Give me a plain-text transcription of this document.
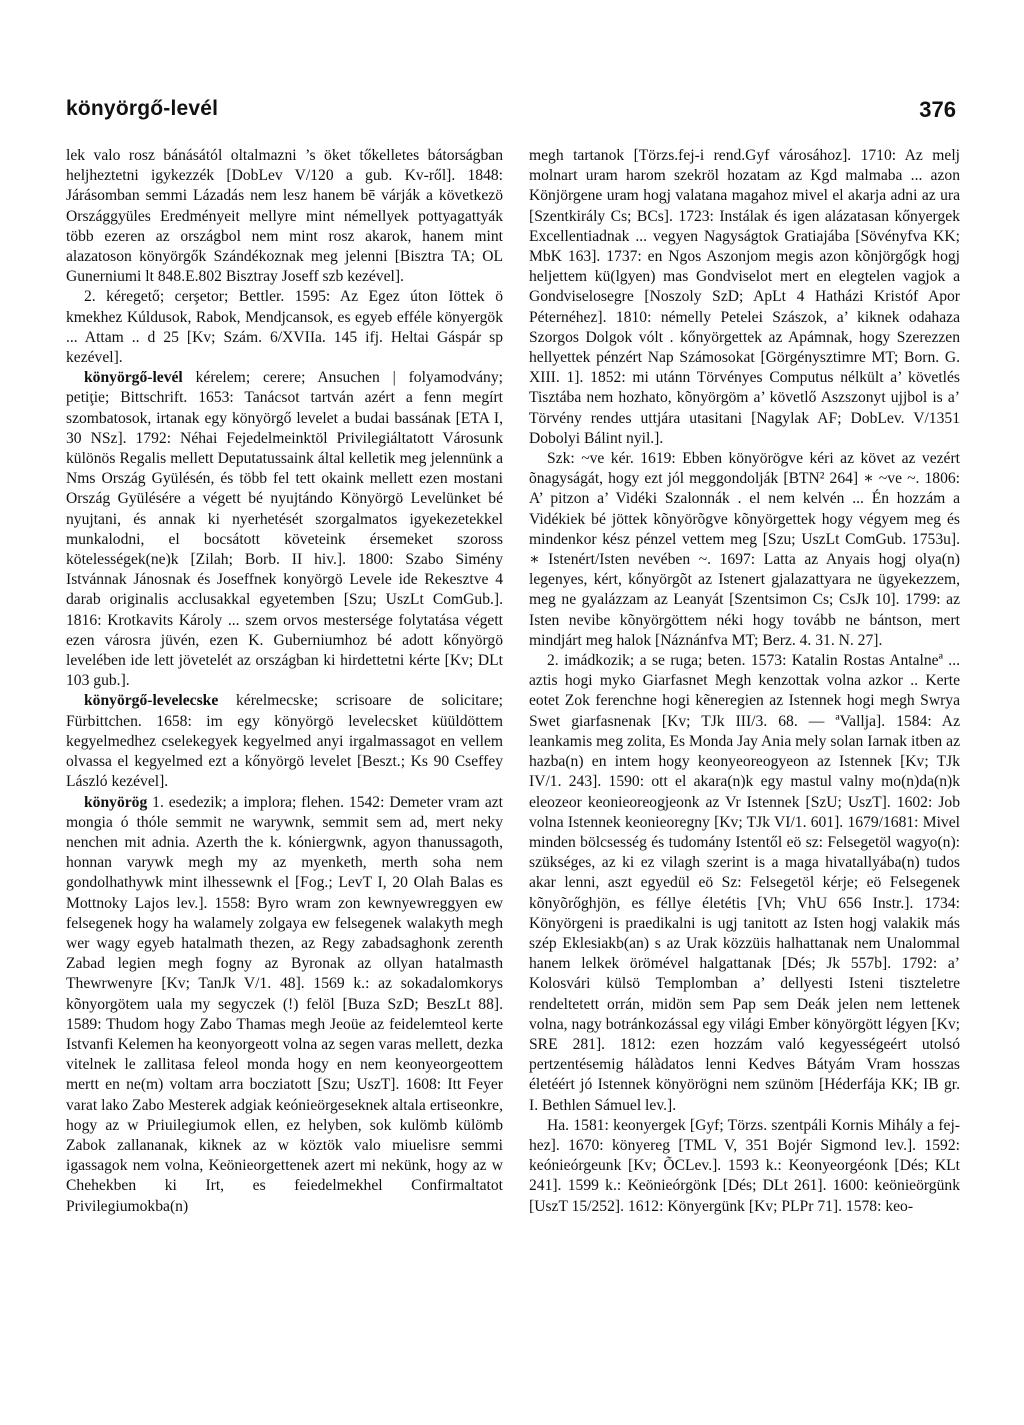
könyörgő-levél	376

lek valo rosz bánásától oltalmazni ’s öket tőkelletes bátorságban heljheztetni igykezzék [DobLev V/120 a gub. Kv-ről]. 1848: Járásomban semmi Lázadás nem lesz hanem bē várják a következö Országgyüles Eredményeit mellyre mint némellyek pottyagattyák több ezeren az országbol nem mint rosz akarok, hanem mint alazatoson könyörgők Szándékoznak meg jelenni [Bisztra TA; OL Gunerniumi lt 848.E.802 Bisztray Joseff szb kezével].

2. kéregető; cerşetor; Bettler. 1595: Az Egez úton Iöttek ö kmekhez Kúldusok, Rabok, Mendjcansok, es egyeb efféle könyergök ... Attam .. d 25 [Kv; Szám. 6/XVIIa. 145 ifj. Heltai Gáspár sp kezével].

könyörgő-levél kérelem; cerere; Ansuchen | folyamodvány; petiţie; Bittschrift. 1653: Tanácsot tartván azért a fenn megírt szombatosok, irtanak egy könyörgő levelet a budai bassának [ETA I, 30 NSz]. 1792: Néhai Fejedelmeinktöl Privilegiáltatott Városunk különös Regalis mellett Deputatussaink által kelletik meg jelennünk a Nms Ország Gyülésén, és több fel tett okaink mellett ezen mostani Ország Gyülésére a végett bé nyujtándo Könyörgö Levelünket bé nyujtani, és annak ki nyerhetését szorgalmatos igyekezetekkel munkalodni, el bocsátott követeink érsemeket szoross kötelességek(ne)k [Zilah; Borb. II hiv.]. 1800: Szabo Simény Istvánnak Jánosnak és Joseffnek konyörgö Levele ide Rekesztve 4 darab originalis acclusakkal egyetemben [Szu; UszLt ComGub.]. 1816: Krotkavits Károly ... szem orvos mestersége folytatása végett ezen városra jüvén, ezen K. Guberniumhoz bé adott kőnyörgö levelében ide lett jövetelét az országban ki hirdettetni kérte [Kv; DLt 103 gub.].

könyörgő-levelecske kérelmecske; scrisoare de solicitare; Fürbittchen. 1658: im egy könyörgö levelecsket küüldöttem kegyelmedhez cselekegyek kegyelmed anyi irgalmassagot en vellem olvassa el kegyelmed ezt a kőnyörgö levelet [Beszt.; Ks 90 Cseffey László kezével].

könyörög 1. esedezik; a implora; flehen. 1542: Demeter vram azt mongia ó thóle semmit ne warywnk, semmit sem ad, mert neky nenchen mit adnia. Azerth the k. kóniergwnk, agyon thanussagoth, honnan varywk megh my az myenketh, merth soha nem gondolhathywk mint ilhessewnk el [Fog.; LevT I, 20 Olah Balas es Mottnoky Lajos lev.]. 1558: Byro wram zon kewnyewreggyen ew felsegenek hogy ha walamely zolgaya ew felsegenek walakyth megh wer wagy egyeb hatalmath thezen, az Regy zabadsaghonk zerenth Zabad legien megh fogny az Byronak az ollyan hatalmasth Thewrwenyre [Kv; TanJk V/1. 48]. 1569 k.: az sokadalomkorys kõnyorgötem uala my segyczek (!) felöl [Buza SzD; BeszLt 88]. 1589: Thudom hogy Zabo Thamas megh Jeoüe az feidelemteol kerte Istvanfi Kelemen ha keonyorgeott volna az segen varas mellett, dezka vitelnek le zallitasa feleol monda hogy en nem keonyeorgeottem mertt en ne(m) voltam arra bocziatott [Szu; UszT]. 1608: Itt Feyer varat lako Zabo Mesterek adgiak keónieörgeseknek altala ertiseonkre, hogy az w Priuilegiumok ellen, ez helyben, sok kulömb külömb Zabok zallananak, kiknek az w köztök valo miuelisre semmi igassagok nem volna, Keönieorgettenek azert mi nekünk, hogy az w Chehekben ki Irt, es feiedelmekhel Confirmaltatot Privilegiumokba(n)

megh tartanok [Törzs.fej-i rend.Gyf városához]. 1710: Az melj molnart uram harom szekröl hozatam az Kgd malmaba ... azon Könjörgene uram hogj valatana magahoz mivel el akarja adni az ura [Szentkirály Cs; BCs]. 1723: Instálak és igen alázatasan kőnyergek Excellentiadnak ... vegyen Nagyságtok Gratiajába [Sövényfva KK; MbK 163]. 1737: en Ngos Aszonjom megis azon kõnjörgőgk hogj heljettem kü(lgyen) mas Gondviselot mert en elegtelen vagjok a Gondviselosegre [Noszoly SzD; ApLt 4 Hatházi Kristóf Apor Péternéhez]. 1810: némelly Petelei Szászok, a’ kiknek odahaza Szorgos Dolgok vólt . kőnyörgettek az Apámnak, hogy Szerezzen hellyettek pénzért Nap Számosokat [Görgénysztimre MT; Born. G. XIII. 1]. 1852: mi utánn Törvényes Computus nélkült a’ követlés Tisztába nem hozhato, kõnyörgöm a’ követlő Aszszonyt ujjbol is a’ Törvény rendes uttjára utasitani [Nagylak AF; DobLev. V/1351 Dobolyi Bálint nyil.].

Szk: ~ve kér. 1619: Ebben könyörögve kéri az követ az vezért õnagyságát, hogy ezt jól meggondolják [BTN² 264] ∗ ~ve ~. 1806: A’ pitzon a’ Vidéki Szalonnák . el nem kelvén ... Én hozzám a Vidékiek bé jöttek kõnyörõgve kõnyörgettek hogy végyem meg és mindenkor kész pénzel vettem meg [Szu; UszLt ComGub. 1753u]. ∗ Istenért/Isten nevében ~. 1697: Latta az Anyais hogj olya(n) legenyes, kért, kőnyörgõt az Istenert gjalazattyara ne ügyekezzem, meg ne gyalázzam az Leanyát [Szentsimon Cs; CsJk 10]. 1799: az Isten nevibe kõnyörgöttem néki hogy tovább ne bántson, mert mindjárt meg halok [Náznánfva MT; Berz. 4. 31. N. 27].

2. imádkozik; a se ruga; beten. 1573: Katalin Rostas Antalneª ... aztis hogi myko Giarfasnet Megh kenzottak volna azkor .. Kerte eotet Zok ferenchne hogi kẽneregien az Istennek hogi megh Swrya Swet giarfasnenak [Kv; TJk III/3. 68. — ªVallja]. 1584: Az leankamis meg zolita, Es Monda Jay Ania mely solan Iarnak itben az hazba(n) en intem hogy keonyeoreogyeon az Istennek [Kv; TJk IV/1. 243]. 1590: ott el akara(n)k egy mastul valny mo(n)da(n)k eleozeor keonieoreogjeonk az Vr Istennek [SzU; UszT]. 1602: Job volna Istennek keonieoregny [Kv; TJk VI/1. 601]. 1679/1681: Mivel minden bölcsesség és tudomány Istentől eö sz: Felsegetöl wagyo(n): szükséges, az ki ez vilagh szerint is a maga hivatallyába(n) tudos akar lenni, aszt egyedül eö Sz: Felsegetöl kérje; eö Felsegenek kõnyõrőghjön, es féllye életétis [Vh; VhU 656 Instr.]. 1734: Könyörgeni is praedikalni is ugj tanitott az Isten hogj valakik más szép Eklesiakb(an) s az Urak közzüis halhattanak nem Unalommal hanem lelkek örömével halgattanak [Dés; Jk 557b]. 1792: a’ Kolosvári külsö Templomban a’ dellyesti Isteni tiszteletre rendeltetett orrán, midön sem Pap sem Deák jelen nem lettenek volna, nagy botránkozással egy világi Ember könyörgött légyen [Kv; SRE 281]. 1812: ezen hozzám való kegyességeért utolsó pertzentésemig hálàdatos lenni Kedves Bátyám Vram hosszas életéért jó Istennek könyörögni nem szünöm [Héderfája KK; IB gr. I. Bethlen Sámuel lev.].

Ha. 1581: keonyergek [Gyf; Törzs. szentpáli Kornis Mihály a fej-hez]. 1670: könyereg [TML V, 351 Bojér Sigmond lev.]. 1592: keónieórgeunk [Kv; ÕCLev.]. 1593 k.: Keonyeorgéonk [Dés; KLt 241]. 1599 k.: Keönieórgönk [Dés; DLt 261]. 1600: keönieörgünk [UszT 15/252]. 1612: Könyergünk [Kv; PLPr 71]. 1578: keo-
